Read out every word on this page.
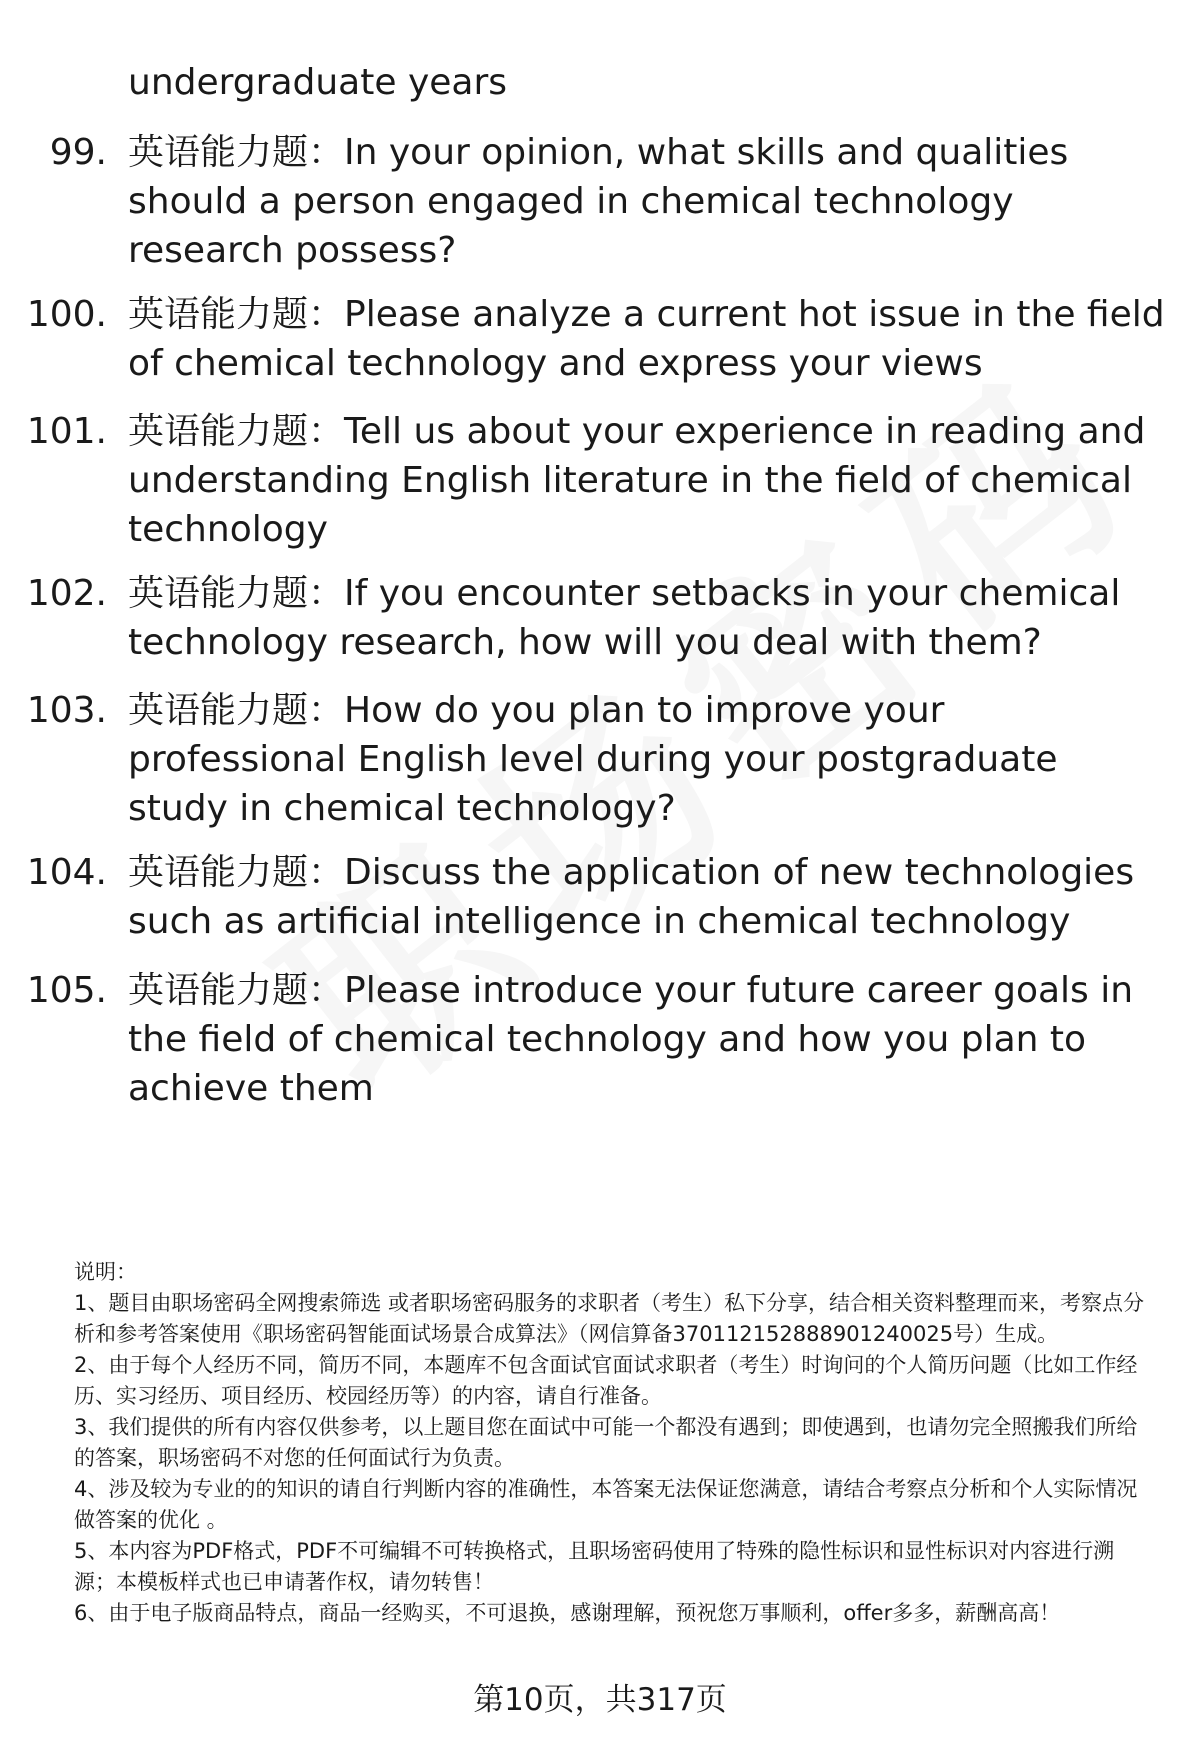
undergraduate years
99. 英语能力题：In your opinion, what skills and qualities should a person engaged in chemical technology research possess?
100. 英语能力题：Please analyze a current hot issue in the field of chemical technology and express your views
101. 英语能力题：Tell us about your experience in reading and understanding English literature in the field of chemical technology
102. 英语能力题：If you encounter setbacks in your chemical technology research, how will you deal with them?
103. 英语能力题：How do you plan to improve your professional English level during your postgraduate study in chemical technology?
104. 英语能力题：Discuss the application of new technologies such as artificial intelligence in chemical technology
105. 英语能力题：Please introduce your future career goals in the field of chemical technology and how you plan to achieve them

说明：

1、题目由职场密码全网搜索筛选 或者职场密码服务的求职者（考生）私下分享，结合相关资料整理而来，考察点分析和参考答案使用《职场密码智能面试场景合成算法》（网信算备370112152888901240025号）生成。

2、由于每个人经历不同，简历不同，本题库不包含面试官面试求职者（考生）时询问的个人简历问题（比如工作经历、实习经历、项目经历、校园经历等）的内容，请自行准备。

3、我们提供的所有内容仅供参考，以上题目您在面试中可能一个都没有遇到；即使遇到，也请勿完全照搬我们所给的答案，职场密码不对您的任何面试行为负责。

4、涉及较为专业的的知识的请自行判断内容的准确性，本答案无法保证您满意，请结合考察点分析和个人实际情况做答案的优化 。

5、本内容为PDF格式，PDF不可编辑不可转换格式，且职场密码使用了特殊的隐性标识和显性标识对内容进行溯源；本模板样式也已申请著作权，请勿转售！

6、由于电子版商品特点，商品一经购买，不可退换，感谢理解，预祝您万事顺利，offer多多，薪酬高高！

第10页，共317页
